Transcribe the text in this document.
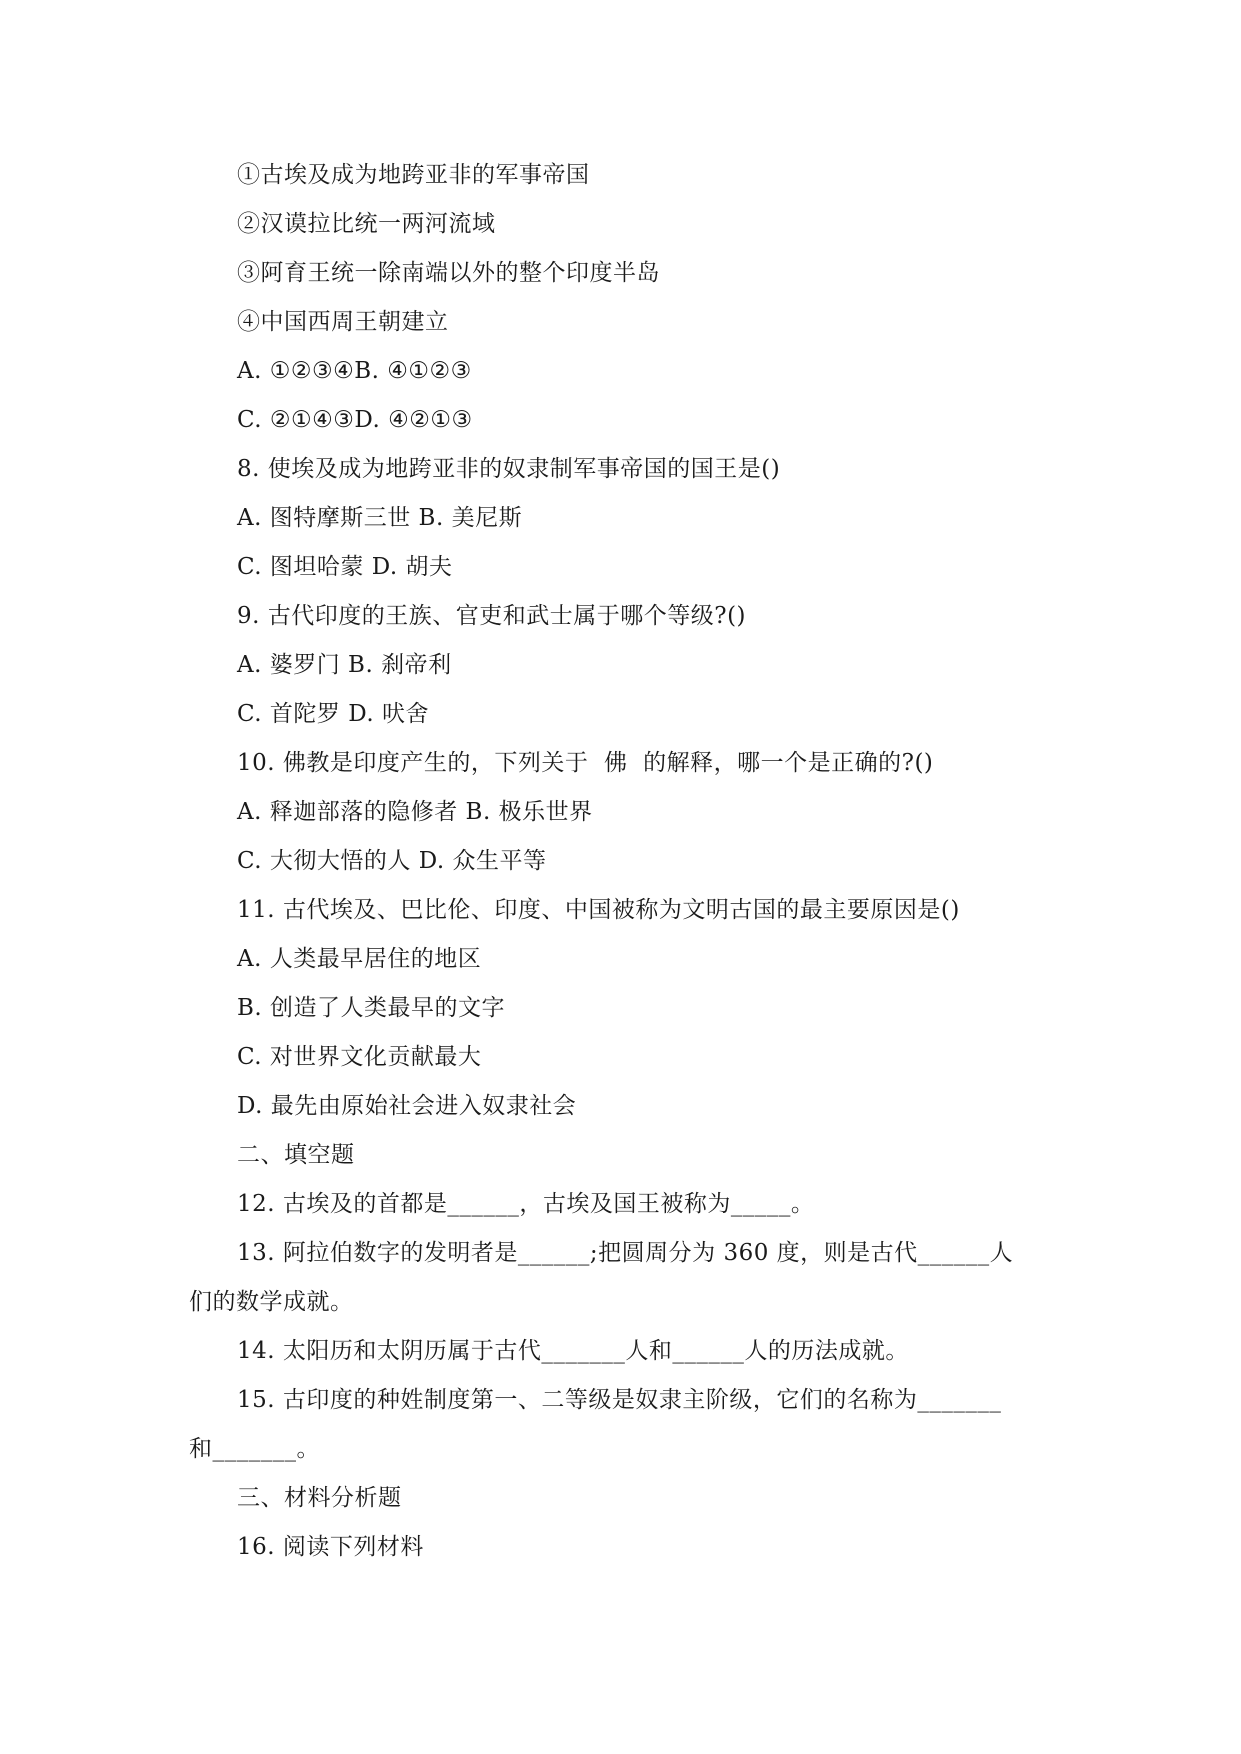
①古埃及成为地跨亚非的军事帝国
②汉谟拉比统一两河流域
③阿育王统一除南端以外的整个印度半岛
④中国西周王朝建立
A. ①②③④B. ④①②③
C. ②①④③D. ④②①③
8. 使埃及成为地跨亚非的奴隶制军事帝国的国王是()
A. 图特摩斯三世 B. 美尼斯
C. 图坦哈蒙 D. 胡夫
9. 古代印度的王族、官吏和武士属于哪个等级?()
A. 婆罗门 B. 刹帝利
C. 首陀罗 D. 吠舍
10. 佛教是印度产生的，下列关于  佛  的解释，哪一个是正确的?()
A. 释迦部落的隐修者 B. 极乐世界
C. 大彻大悟的人 D. 众生平等
11. 古代埃及、巴比伦、印度、中国被称为文明古国的最主要原因是()
A. 人类最早居住的地区
B. 创造了人类最早的文字
C. 对世界文化贡献最大
D. 最先由原始社会进入奴隶社会
二、填空题
12. 古埃及的首都是______，古埃及国王被称为_____。
13. 阿拉伯数字的发明者是______;把圆周分为 360 度，则是古代______人
们的数学成就。
14. 太阳历和太阴历属于古代_______人和______人的历法成就。
15. 古印度的种姓制度第一、二等级是奴隶主阶级，它们的名称为_______
和_______。
三、材料分析题
16. 阅读下列材料
